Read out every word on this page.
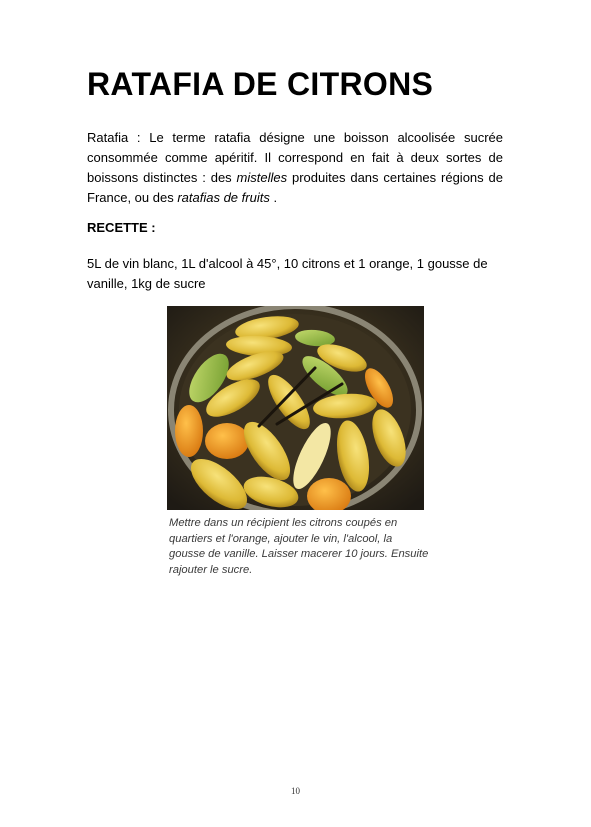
RATAFIA DE CITRONS

Ratafia : Le terme ratafia désigne une boisson alcoolisée sucrée consommée comme apéritif. Il correspond en fait à deux sortes de boissons distinctes : des mistelles produites dans certaines régions de France, ou des ratafias de fruits .

RECETTE :

5L de vin blanc, 1L d'alcool à 45°, 10 citrons et 1 orange, 1 gousse de vanille, 1kg de sucre

Mettre dans un récipient les citrons coupés en quartiers et l'orange, ajouter le vin, l'alcool, la gousse de vanille. Laisser macerer 10 jours. Ensuite rajouter le sucre.

10
